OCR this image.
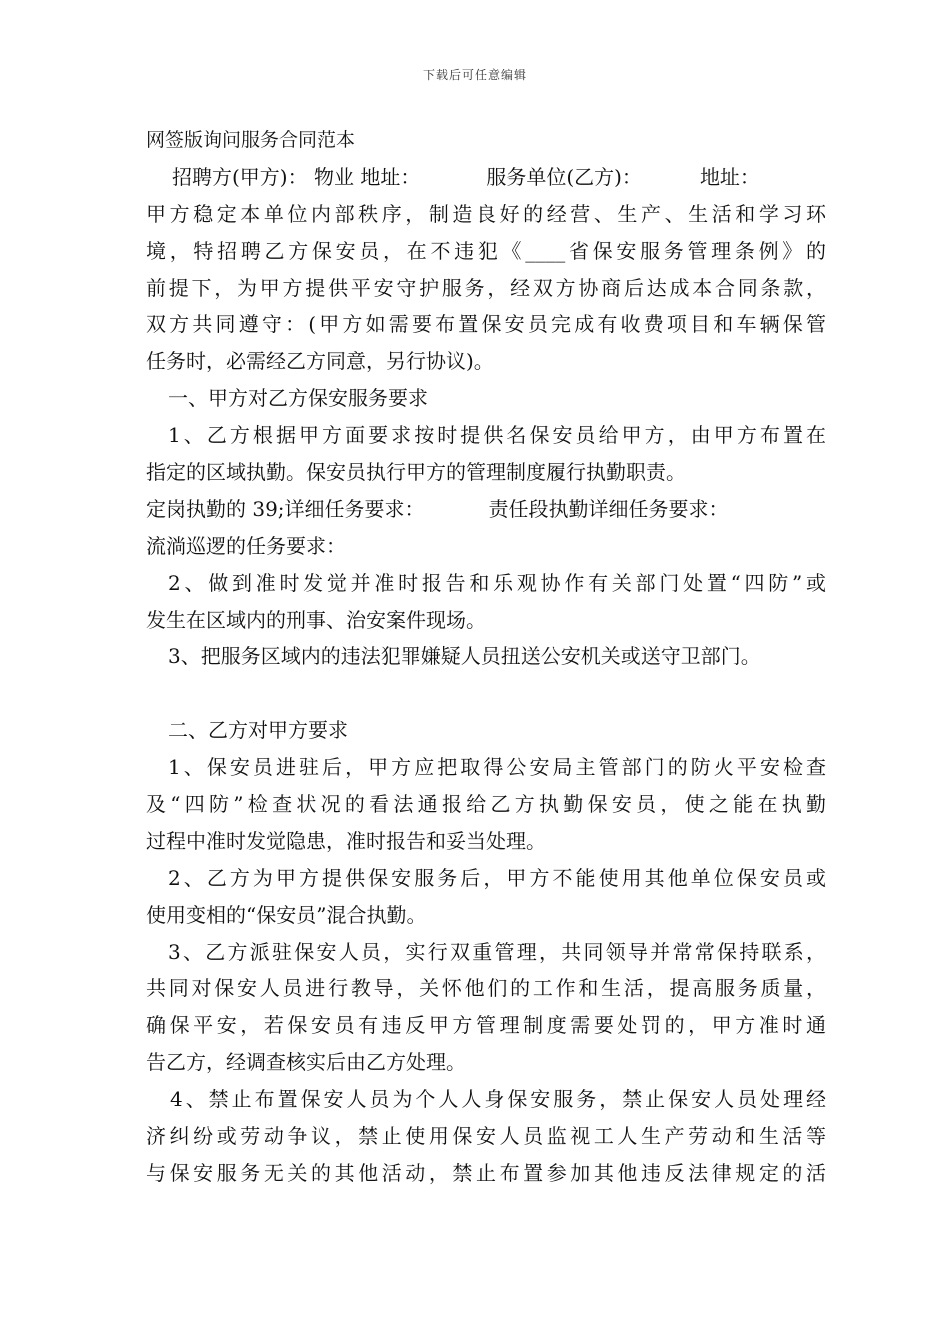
下载后可任意编辑
网签版询问服务合同范本
招聘方(甲方)： 物业 地址：	服务单位(乙方)：	地址：
甲方稳定本单位内部秩序，制造良好的经营、生产、生活和学习环
境，特招聘乙方保安员，在不违犯《____省保安服务管理条例》的
前提下，为甲方提供平安守护服务，经双方协商后达成本合同条款，
双方共同遵守：(甲方如需要布置保安员完成有收费项目和车辆保管
任务时，必需经乙方同意，另行协议)。
一、甲方对乙方保安服务要求
1、乙方根据甲方面要求按时提供名保安员给甲方，由甲方布置在
指定的区域执勤。保安员执行甲方的管理制度履行执勤职责。
定岗执勤的 39;详细任务要求：	责任段执勤详细任务要求：
流淌巡逻的任务要求：
2、做到准时发觉并准时报告和乐观协作有关部门处置“四防”或
发生在区域内的刑事、治安案件现场。
3、把服务区域内的违法犯罪嫌疑人员扭送公安机关或送守卫部门。
二、乙方对甲方要求
1、保安员进驻后，甲方应把取得公安局主管部门的防火平安检查
及“四防”检查状况的看法通报给乙方执勤保安员，使之能在执勤
过程中准时发觉隐患，准时报告和妥当处理。
2、乙方为甲方提供保安服务后，甲方不能使用其他单位保安员或
使用变相的“保安员”混合执勤。
3、乙方派驻保安人员，实行双重管理，共同领导并常常保持联系，
共同对保安人员进行教导，关怀他们的工作和生活，提高服务质量，
确保平安，若保安员有违反甲方管理制度需要处罚的，甲方准时通
告乙方，经调查核实后由乙方处理。
4、禁止布置保安人员为个人人身保安服务，禁止保安人员处理经
济纠纷或劳动争议，禁止使用保安人员监视工人生产劳动和生活等
与保安服务无关的其他活动，禁止布置参加其他违反法律规定的活
